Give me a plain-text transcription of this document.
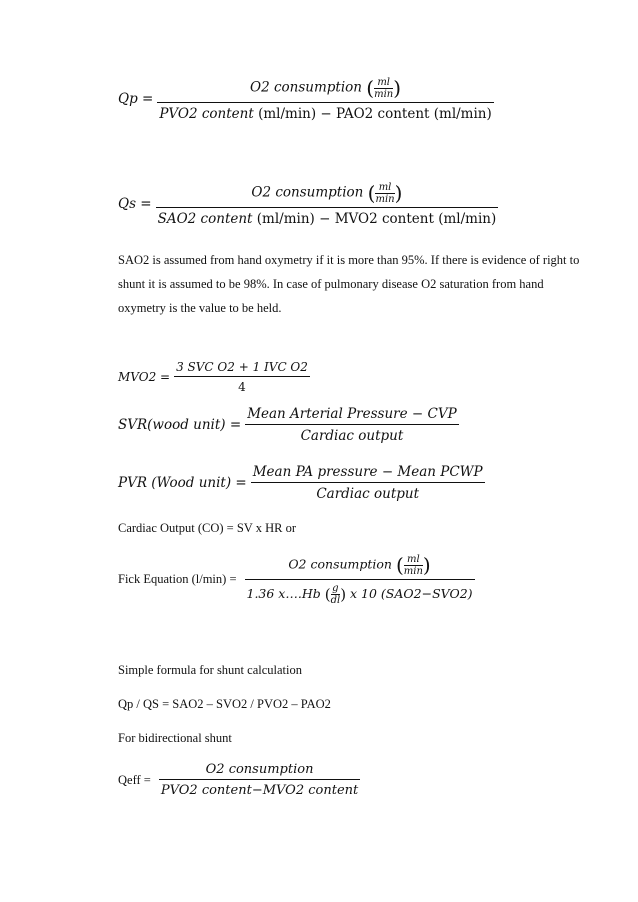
Qp =
O2 consumption ( ml
min )
PVO2 content (ml/min) − PAO2 content (ml/min)
Qs =
O2 consumption ( ml
min )
SAO2 content (ml/min) − MVO2 content (ml/min)
SAO2 is assumed from hand oxymetry if it is more than 95%. If there is evidence of right to
shunt it is assumed to be 98%. In case of pulmonary disease O2 saturation from hand
oxymetry is the value to be held.
$MVO2 = \frac{\text{3 SVC O2 + 1 IVC O2}}{4}$
SVR(wood unit) = $\frac{\text{Mean Arterial Pressure − CVP}}{\text{Cardiac output}}$
PVR (Wood unit) = $\frac{\text{Mean PA pressure − Mean PCWP}}{\text{Cardiac output}}$
Cardiac Output (CO) = SV x HR or
Fick Equation (l/min) = O2 consumption ( ml
min )
1.36 x….Hb ( $\frac{g}{dl}$ ) x 10 (SAO2−SVO2)
Simple formula for shunt calculation
Qp / QS = SAO2 – SVO2 / PVO2 – PAO2
For bidirectional shunt
Qeff = $\frac{\text{O2 consumption}}{\text{PVO2 content−MVO2 content}}$
